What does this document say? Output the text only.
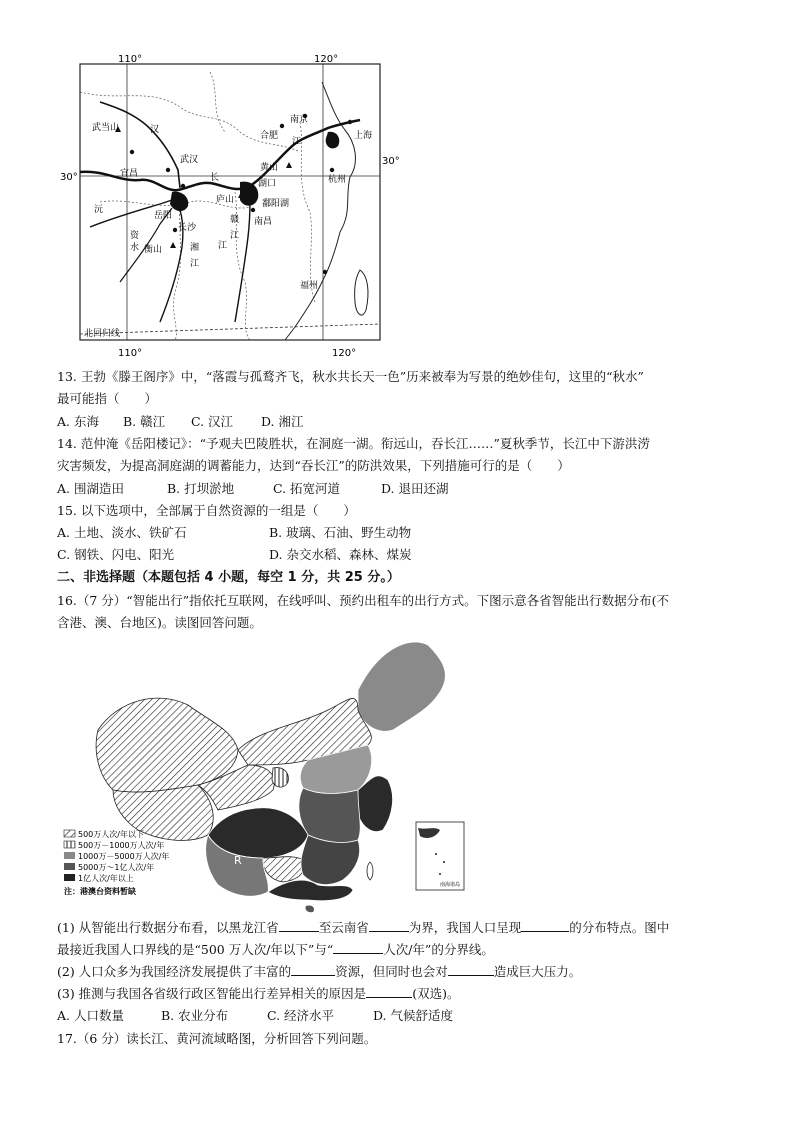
110°	120°
110°	120°
30°
30°
北回归线
武当山	汉
武汉
宜昌
沅
岳阳
长沙
资
水 衡山	湘
江
江
长
合肥
南京
上海
江
黄山
湖口	杭州
庐山	鄱阳湖
赣 南昌
江
福州
13. 王勃《滕王阁序》中，“落霞与孤鹜齐飞，秋水共长天一色”历来被奉为写景的绝妙佳句，这里的“秋水”
最可能指（　　）
A. 东海 B. 赣江 C. 汉江 D. 湘江
14. 范仲淹《岳阳楼记》：“予观夫巴陵胜状，在洞庭一湖。衔远山，吞长江……”夏秋季节，长江中下游洪涝
灾害频发，为提高洞庭湖的调蓄能力，达到“吞长江”的防洪效果，下列措施可行的是（　　）
A. 围湖造田	B. 打坝淤地	C. 拓宽河道	D. 退田还湖
15. 以下选项中，全部属于自然资源的一组是（　　）
A. 土地、淡水、铁矿石	B. 玻璃、石油、野生动物
C. 钢铁、闪电、阳光	D. 杂交水稻、森林、煤炭
二、非选择题（本题包括 4 小题，每空 1 分，共 25 分。）
16.（7 分）“智能出行”指依托互联网，在线呼叫、预约出租车的出行方式。下图示意各省智能出行数据分布(不
含港、澳、台地区)。读图回答问题。
R
南海诸岛
500万人次/年以下
500万－1000万人次/年
1000万－5000万人次/年
5000万～1亿人次/年
1亿人次/年以上
注：港澳台资料暂缺
(1) 从智能出行数据分布看，以黑龙江省	至云南省	为界，我国人口呈现	的分布特点。图中
最接近我国人口界线的是“500 万人次/年以下”与“	人次/年”的分界线。
(2) 人口众多为我国经济发展提供了丰富的	资源，但同时也会对	造成巨大压力。
(3) 推测与我国各省级行政区智能出行差异相关的原因是	(双选)。
A. 人口数量	B. 农业分布	C. 经济水平	D. 气候舒适度
17.（6 分）读长江、黄河流域略图，分析回答下列问题。
